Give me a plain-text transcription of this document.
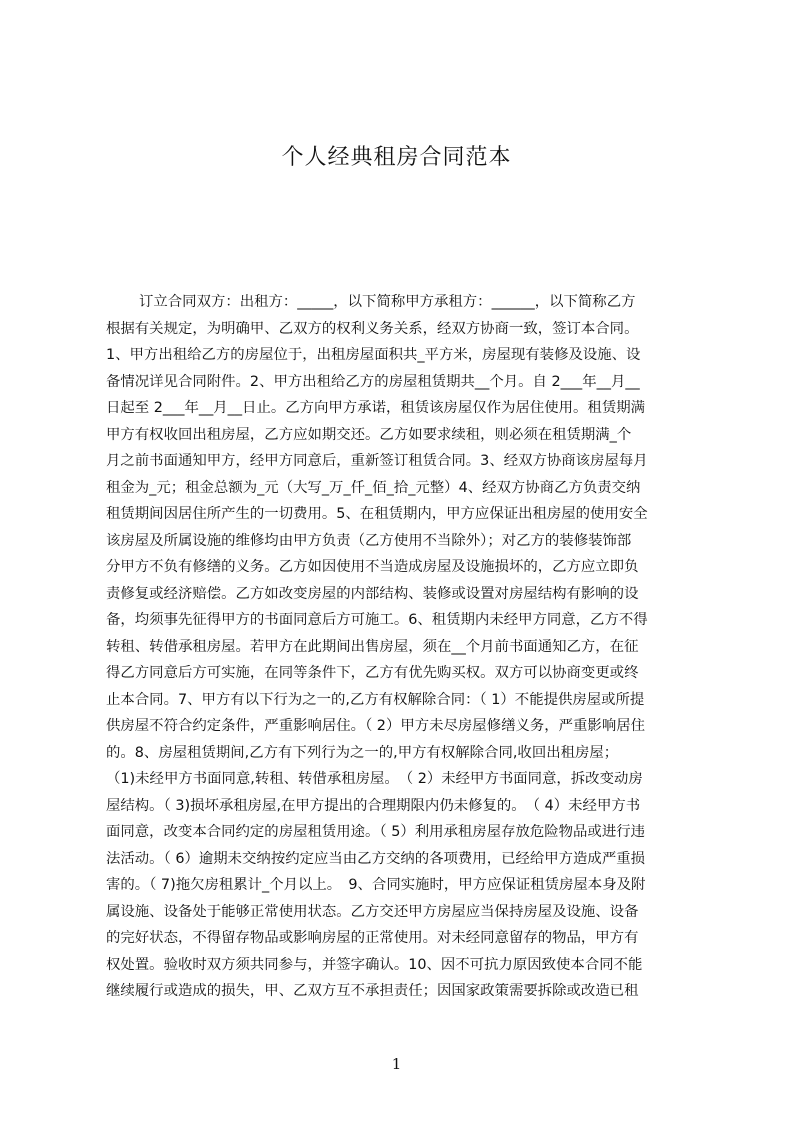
个人经典租房合同范本
订立合同双方：出租方：_____，以下简称甲方承租方：______，以下简称乙方
根据有关规定，为明确甲、乙双方的权利义务关系，经双方协商一致，签订本合同。
1、甲方出租给乙方的房屋位于，出租房屋面积共_平方米，房屋现有装修及设施、设
备情况详见合同附件。2、甲方出租给乙方的房屋租赁期共__个月。自 2___年__月__
日起至 2___年__月__日止。乙方向甲方承诺，租赁该房屋仅作为居住使用。租赁期满
甲方有权收回出租房屋，乙方应如期交还。乙方如要求续租，则必须在租赁期满_个
月之前书面通知甲方，经甲方同意后，重新签订租赁合同。3、经双方协商该房屋每月
租金为_元；租金总额为_元（大写_万_仟_佰_拾_元整）4、经双方协商乙方负责交纳
租赁期间因居住所产生的一切费用。5、在租赁期内，甲方应保证出租房屋的使用安全
该房屋及所属设施的维修均由甲方负责（乙方使用不当除外）；对乙方的装修装饰部
分甲方不负有修缮的义务。乙方如因使用不当造成房屋及设施损坏的，乙方应立即负
责修复或经济赔偿。乙方如改变房屋的内部结构、装修或设置对房屋结构有影响的设
备，均须事先征得甲方的书面同意后方可施工。6、租赁期内未经甲方同意，乙方不得
转租、转借承租房屋。若甲方在此期间出售房屋，须在__个月前书面通知乙方，在征
得乙方同意后方可实施，在同等条件下，乙方有优先购买权。双方可以协商变更或终
止本合同。7、甲方有以下行为之一的,乙方有权解除合同：（ 1）不能提供房屋或所提
供房屋不符合约定条件，严重影响居住。（ 2）甲方未尽房屋修缮义务，严重影响居住
的。8、房屋租赁期间,乙方有下列行为之一的,甲方有权解除合同,收回出租房屋；
（1)未经甲方书面同意,转租、转借承租房屋。　（ 2）未经甲方书面同意，拆改变动房
屋结构。（ 3)损坏承租房屋,在甲方提出的合理期限内仍未修复的。　（ 4）未经甲方书
面同意，改变本合同约定的房屋租赁用途。（ 5）利用承租房屋存放危险物品或进行违
法活动。（ 6）逾期未交纳按约定应当由乙方交纳的各项费用，已经给甲方造成严重损
害的。（ 7)拖欠房租累计_个月以上。　9、合同实施时，甲方应保证租赁房屋本身及附
属设施、设备处于能够正常使用状态。乙方交还甲方房屋应当保持房屋及设施、设备
的完好状态，不得留存物品或影响房屋的正常使用。对未经同意留存的物品，甲方有
权处置。验收时双方须共同参与，并签字确认。10、因不可抗力原因致使本合同不能
继续履行或造成的损失，甲、乙双方互不承担责任；因国家政策需要拆除或改造已租
1
